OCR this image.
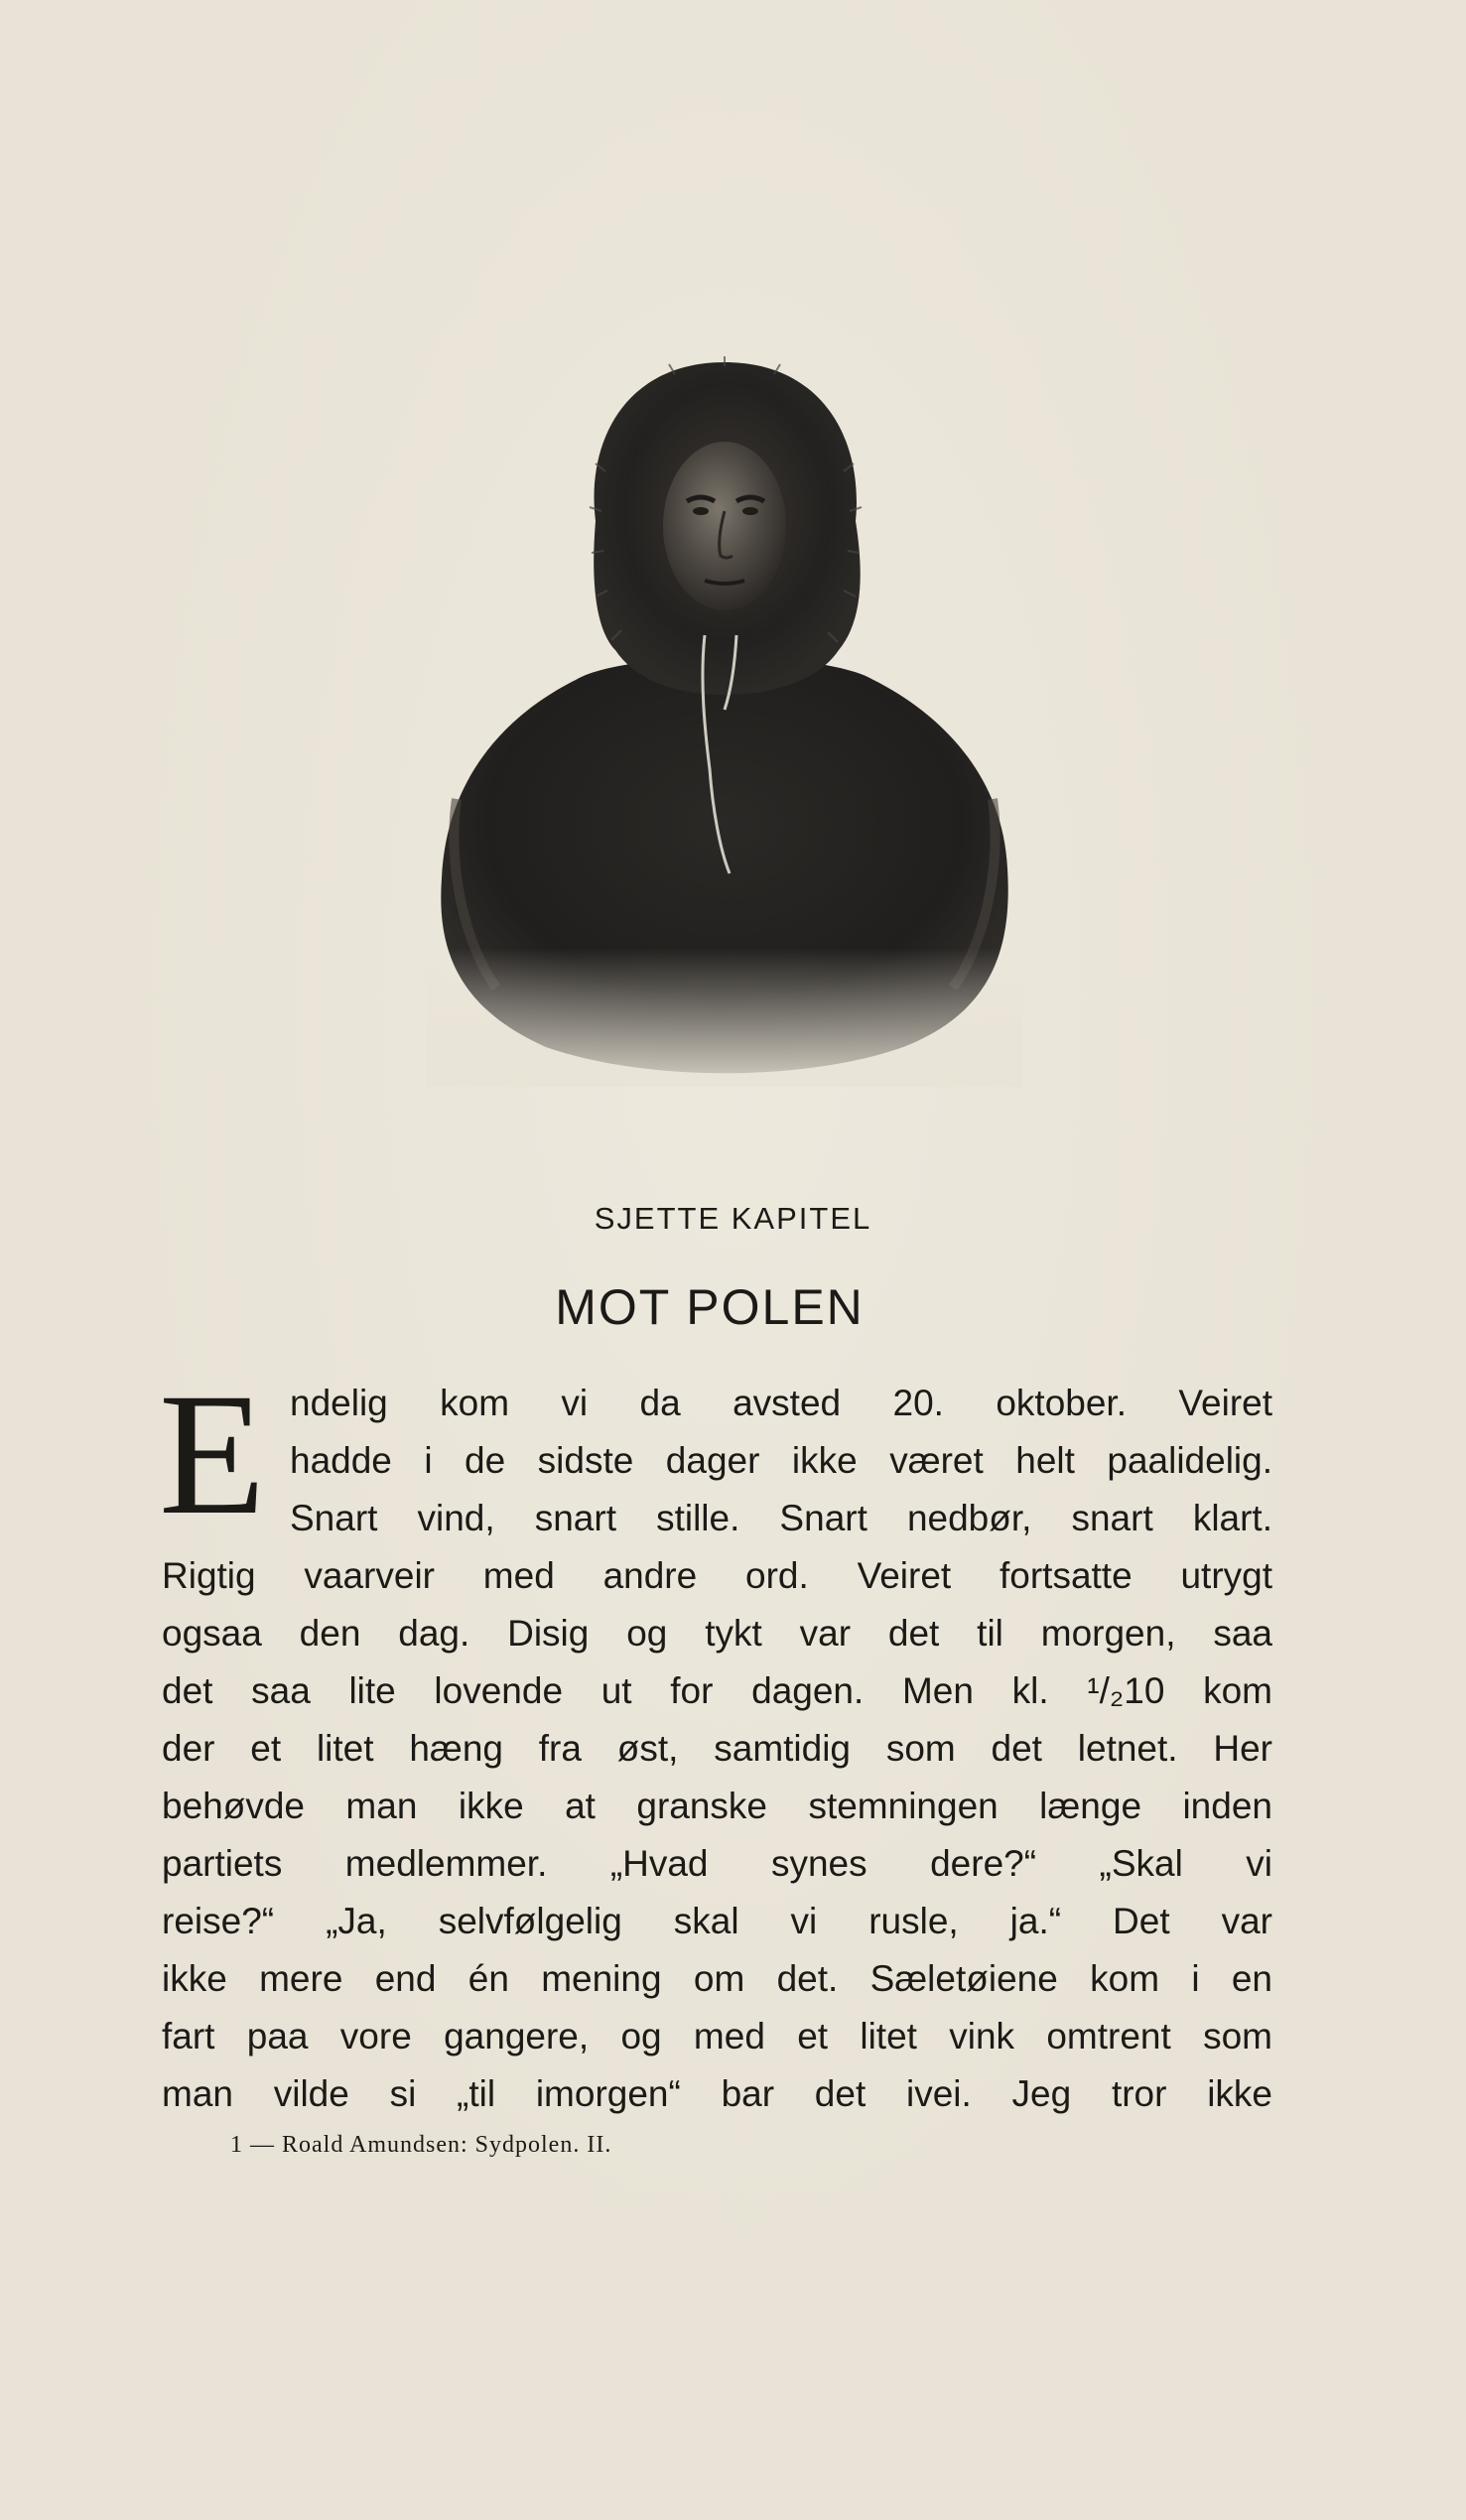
SJETTE KAPITEL
MOT POLEN
E ndelig kom vi da avsted 20. oktober. Veiret
hadde i de sidste dager ikke været helt paalidelig.
Snart vind, snart stille. Snart nedbør, snart klart.
Rigtig vaarveir med andre ord. Veiret fortsatte utrygt
ogsaa den dag. Disig og tykt var det til morgen, saa
det saa lite lovende ut for dagen. Men kl. ¹/₂10 kom
der et litet hæng fra øst, samtidig som det letnet. Her
behøvde man ikke at granske stemningen længe inden
partiets medlemmer. „Hvad synes dere?“ „Skal vi
reise?“ „Ja, selvfølgelig skal vi rusle, ja.“ Det var
ikke mere end én mening om det. Sæletøiene kom i en
fart paa vore gangere, og med et litet vink omtrent som
man vilde si „til imorgen“ bar det ivei. Jeg tror ikke
1 — Roald Amundsen: Sydpolen. II.
